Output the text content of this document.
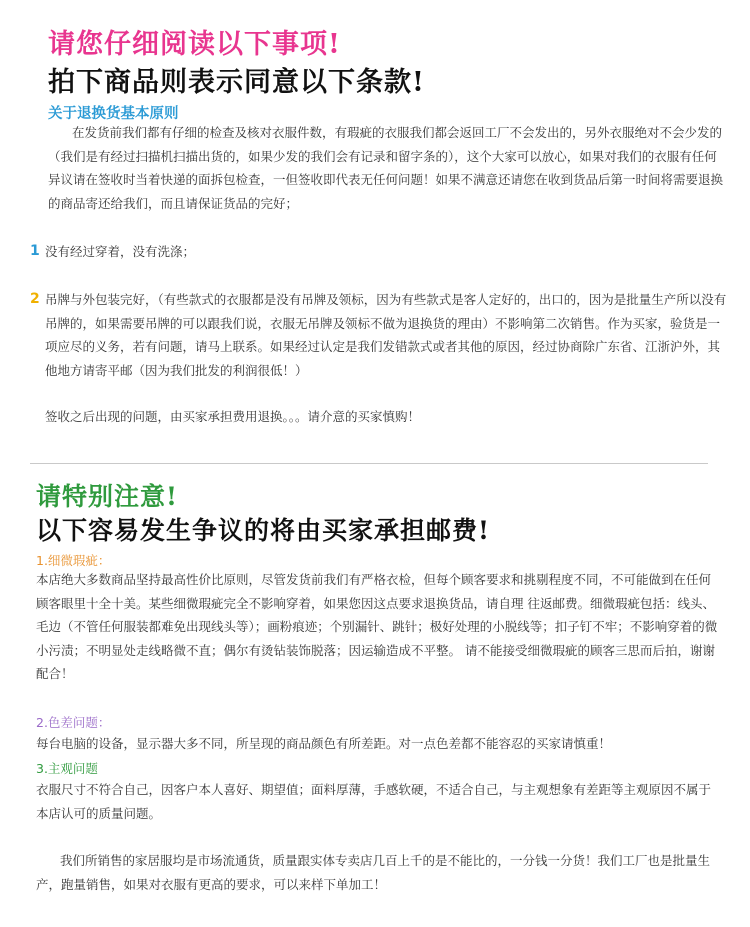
请您仔细阅读以下事项!
拍下商品则表示同意以下条款!
关于退换货基本原则
在发货前我们都有仔细的检查及核对衣服件数，有瑕疵的衣服我们都会返回工厂不会发出的，另外衣服绝对不会少发的（我们是有经过扫描机扫描出货的，如果少发的我们会有记录和留字条的），这个大家可以放心，如果对我们的衣服有任何异议请在签收时当着快递的面拆包检查，一但签收即代表无任何问题！如果不满意还请您在收到货品后第一时间将需要退换的商品寄还给我们，而且请保证货品的完好；
1 没有经过穿着，没有洗涤；
2 吊牌与外包装完好，（有些款式的衣服都是没有吊牌及领标，因为有些款式是客人定好的，出口的，因为是批量生产所以没有吊牌的，如果需要吊牌的可以跟我们说，衣服无吊牌及领标不做为退换货的理由）不影响第二次销售。作为买家，验货是一项应尽的义务，若有问题，请马上联系。如果经过认定是我们发错款式或者其他的原因，经过协商除广东省、江浙沪外，其他地方请寄平邮（因为我们批发的利润很低！）
签收之后出现的问题，由买家承担费用退换。。。请介意的买家慎购！
请特别注意!
以下容易发生争议的将由买家承担邮费!
1.细微瑕疵：
本店绝大多数商品坚持最高性价比原则，尽管发货前我们有严格衣检，但每个顾客要求和挑剔程度不同，不可能做到在任何顾客眼里十全十美。某些细微瑕疵完全不影响穿着，如果您因这点要求退换货品，请自理 往返邮费。细微瑕疵包括：线头、毛边（不管任何服装都难免出现线头等）；画粉痕迹；个别漏针、跳针；极好处理的小脱线等；扣子钉不牢；不影响穿着的微小污渍；不明显处走线略微不直；偶尔有烫钻装饰脱落；因运输造成不平整。 请不能接受细微瑕疵的顾客三思而后拍，谢谢配合！
2.色差问题：
每台电脑的设备，显示器大多不同，所呈现的商品颜色有所差距。对一点色差都不能容忍的买家请慎重！
3.主观问题
衣服尺寸不符合自己，因客户本人喜好、期望值；面料厚薄，手感软硬，不适合自己，与主观想象有差距等主观原因不属于本店认可的质量问题。
我们所销售的家居服均是市场流通货，质量跟实体专卖店几百上千的是不能比的，一分钱一分货！我们工厂也是批量生产，跑量销售，如果对衣服有更高的要求，可以来样下单加工！
